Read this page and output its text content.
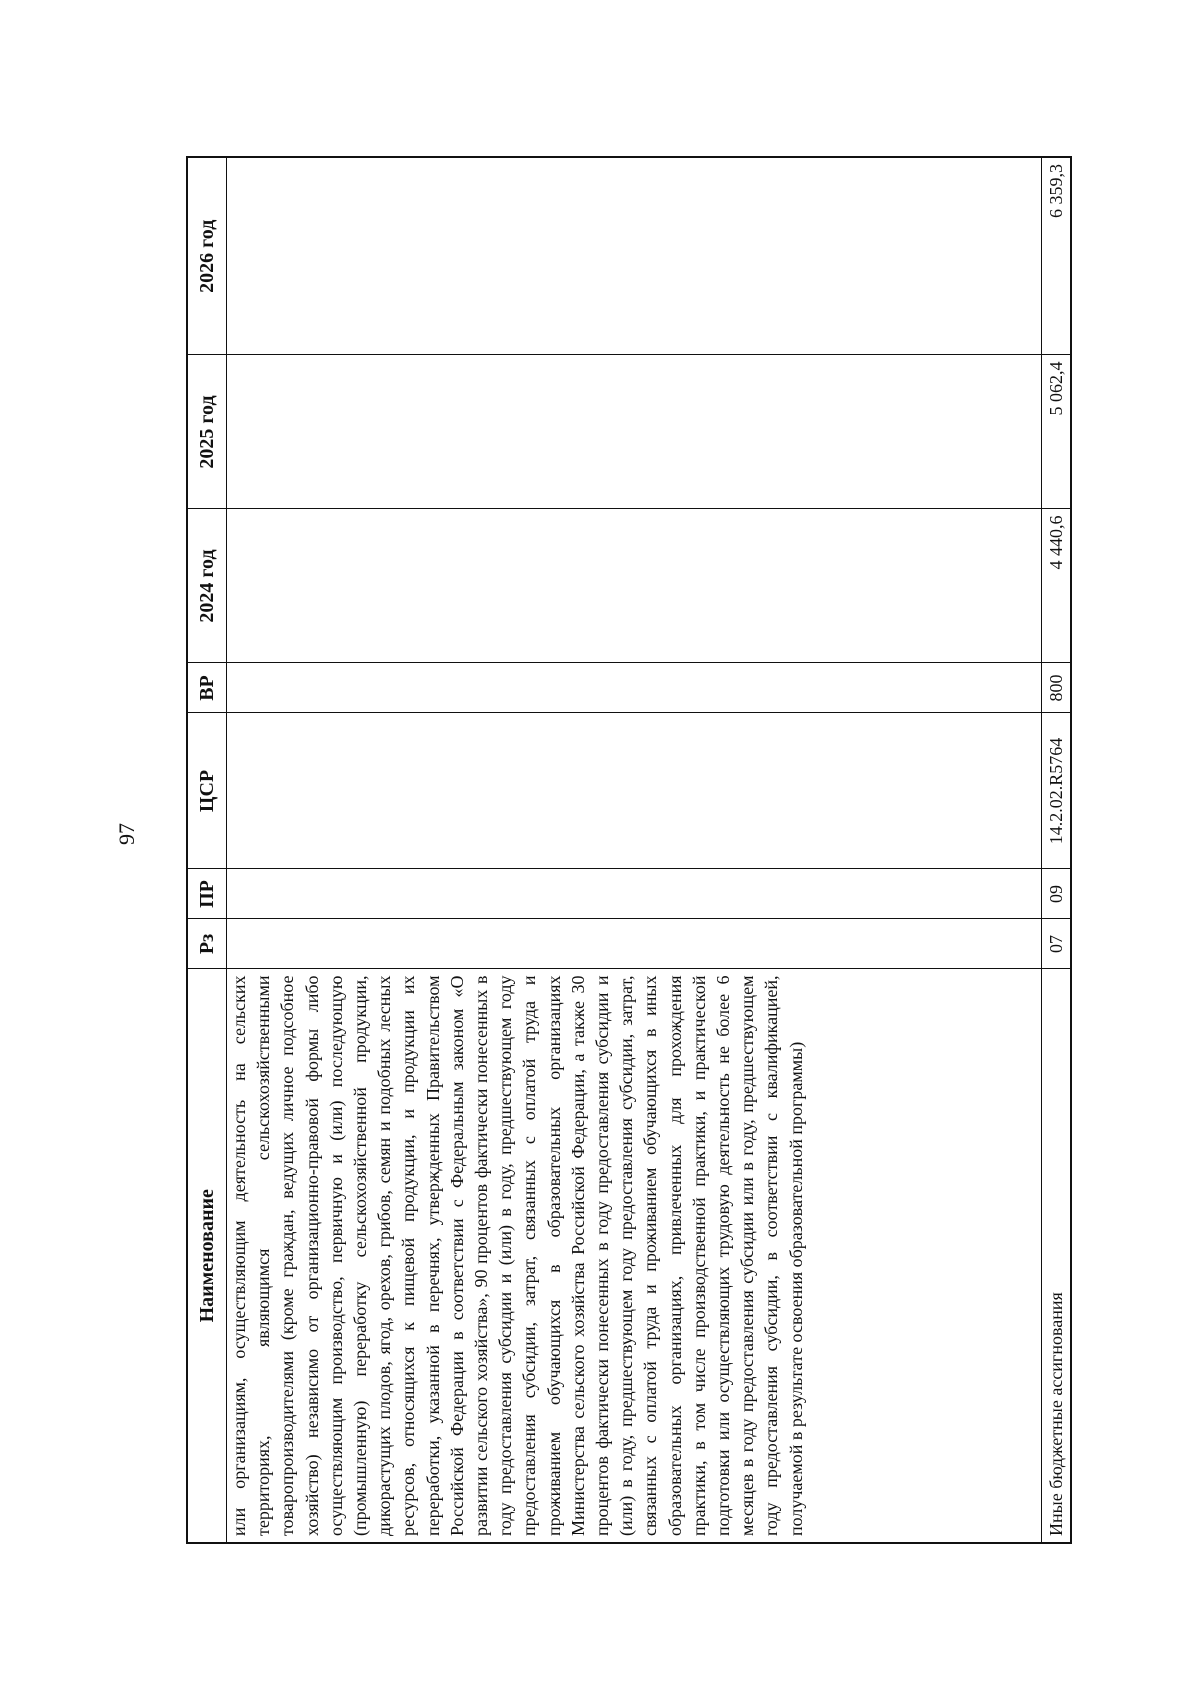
97
Наименование	Рз	ПР	ЦСР	ВР	2024 год	2025 год	2026 год
или организациям, осуществляющим деятельность на сельских территориях, являющимся сельскохозяйственными товаропроизводителями (кроме граждан, ведущих личное подсобное хозяйство) независимо от организационно-правовой формы либо осуществляющим производство, первичную и (или) последующую (промышленную) переработку сельскохозяйственной продукции, дикорастущих плодов, ягод, орехов, грибов, семян и подобных лесных ресурсов, относящихся к пищевой продукции, и продукции их переработки, указанной в перечнях, утвержденных Правительством Российской Федерации в соответствии с Федеральным законом «О развитии сельского хозяйства», 90 процентов фактически понесенных в году предоставления субсидии и (или) в году, предшествующем году предоставления субсидии, затрат, связанных с оплатой труда и проживанием обучающихся в образовательных организациях Министерства сельского хозяйства Российской Федерации, а также 30 процентов фактически понесенных в году предоставления субсидии и (или) в году, предшествующем году предоставления субсидии, затрат, связанных с оплатой труда и проживанием обучающихся в иных образовательных организациях, привлеченных для прохождения практики, в том числе производственной практики, и практической подготовки или осуществляющих трудовую деятельность не более 6 месяцев в году предоставления субсидии или в году, предшествующем году предоставления субсидии, в соответствии с квалификацией, получаемой в результате освоения образовательной программы)							
Иные бюджетные ассигнования	07	09	14.2.02.R5764	800	4 440,6	5 062,4	6 359,3
